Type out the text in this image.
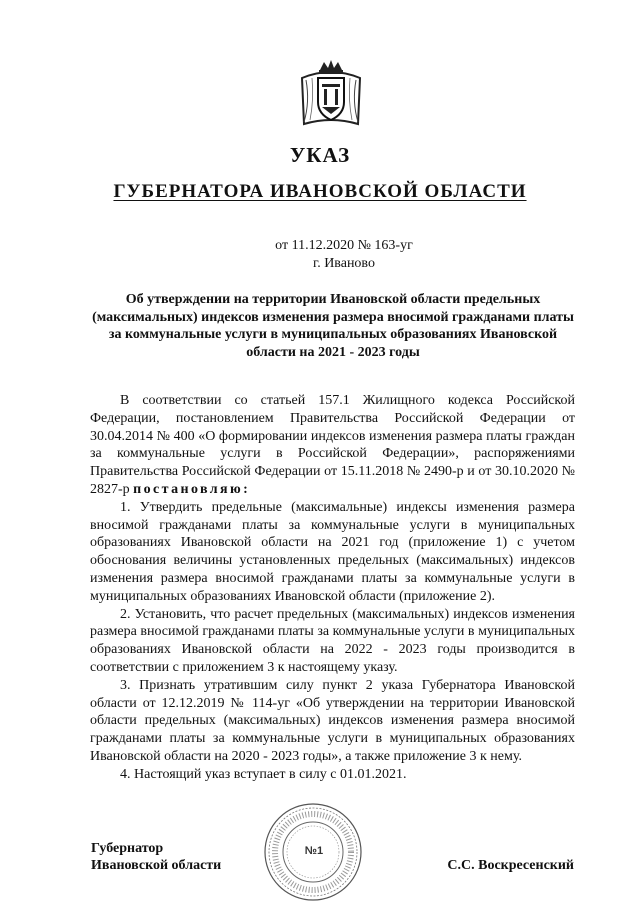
УКАЗ
ГУБЕРНАТОРА ИВАНОВСКОЙ ОБЛАСТИ
от 11.12.2020 № 163-уг
г. Иваново
Об утверждении на территории Ивановской области предельных (максимальных) индексов изменения размера вносимой гражданами платы за коммунальные услуги в муниципальных образованиях Ивановской области на 2021 - 2023 годы

В соответствии со статьей 157.1 Жилищного кодекса Российской Федерации, постановлением Правительства Российской Федерации от 30.04.2014 № 400 «О формировании индексов изменения размера платы граждан за коммунальные услуги в Российской Федерации», распоряжениями Правительства Российской Федерации от 15.11.2018 № 2490-р и от 30.10.2020 № 2827-р постановляю:

1. Утвердить предельные (максимальные) индексы изменения размера вносимой гражданами платы за коммунальные услуги в муниципальных образованиях Ивановской области на 2021 год (приложение 1) с учетом обоснования величины установленных предельных (максимальных) индексов изменения размера вносимой гражданами платы за коммунальные услуги в муниципальных образованиях Ивановской области (приложение 2).

2. Установить, что расчет предельных (максимальных) индексов изменения размера вносимой гражданами платы за коммунальные услуги в муниципальных образованиях Ивановской области на 2022 - 2023 годы производится в соответствии с приложением 3 к настоящему указу.

3. Признать утратившим силу пункт 2 указа Губернатора Ивановской области от 12.12.2019 № 114-уг «Об утверждении на территории Ивановской области предельных (максимальных) индексов изменения размера вносимой гражданами платы за коммунальные услуги в муниципальных образованиях Ивановской области на 2020 - 2023 годы», а также приложение 3 к нему.

4. Настоящий указ вступает в силу с 01.01.2021.

Губернатор
Ивановской области
№1
С.С. Воскресенский
